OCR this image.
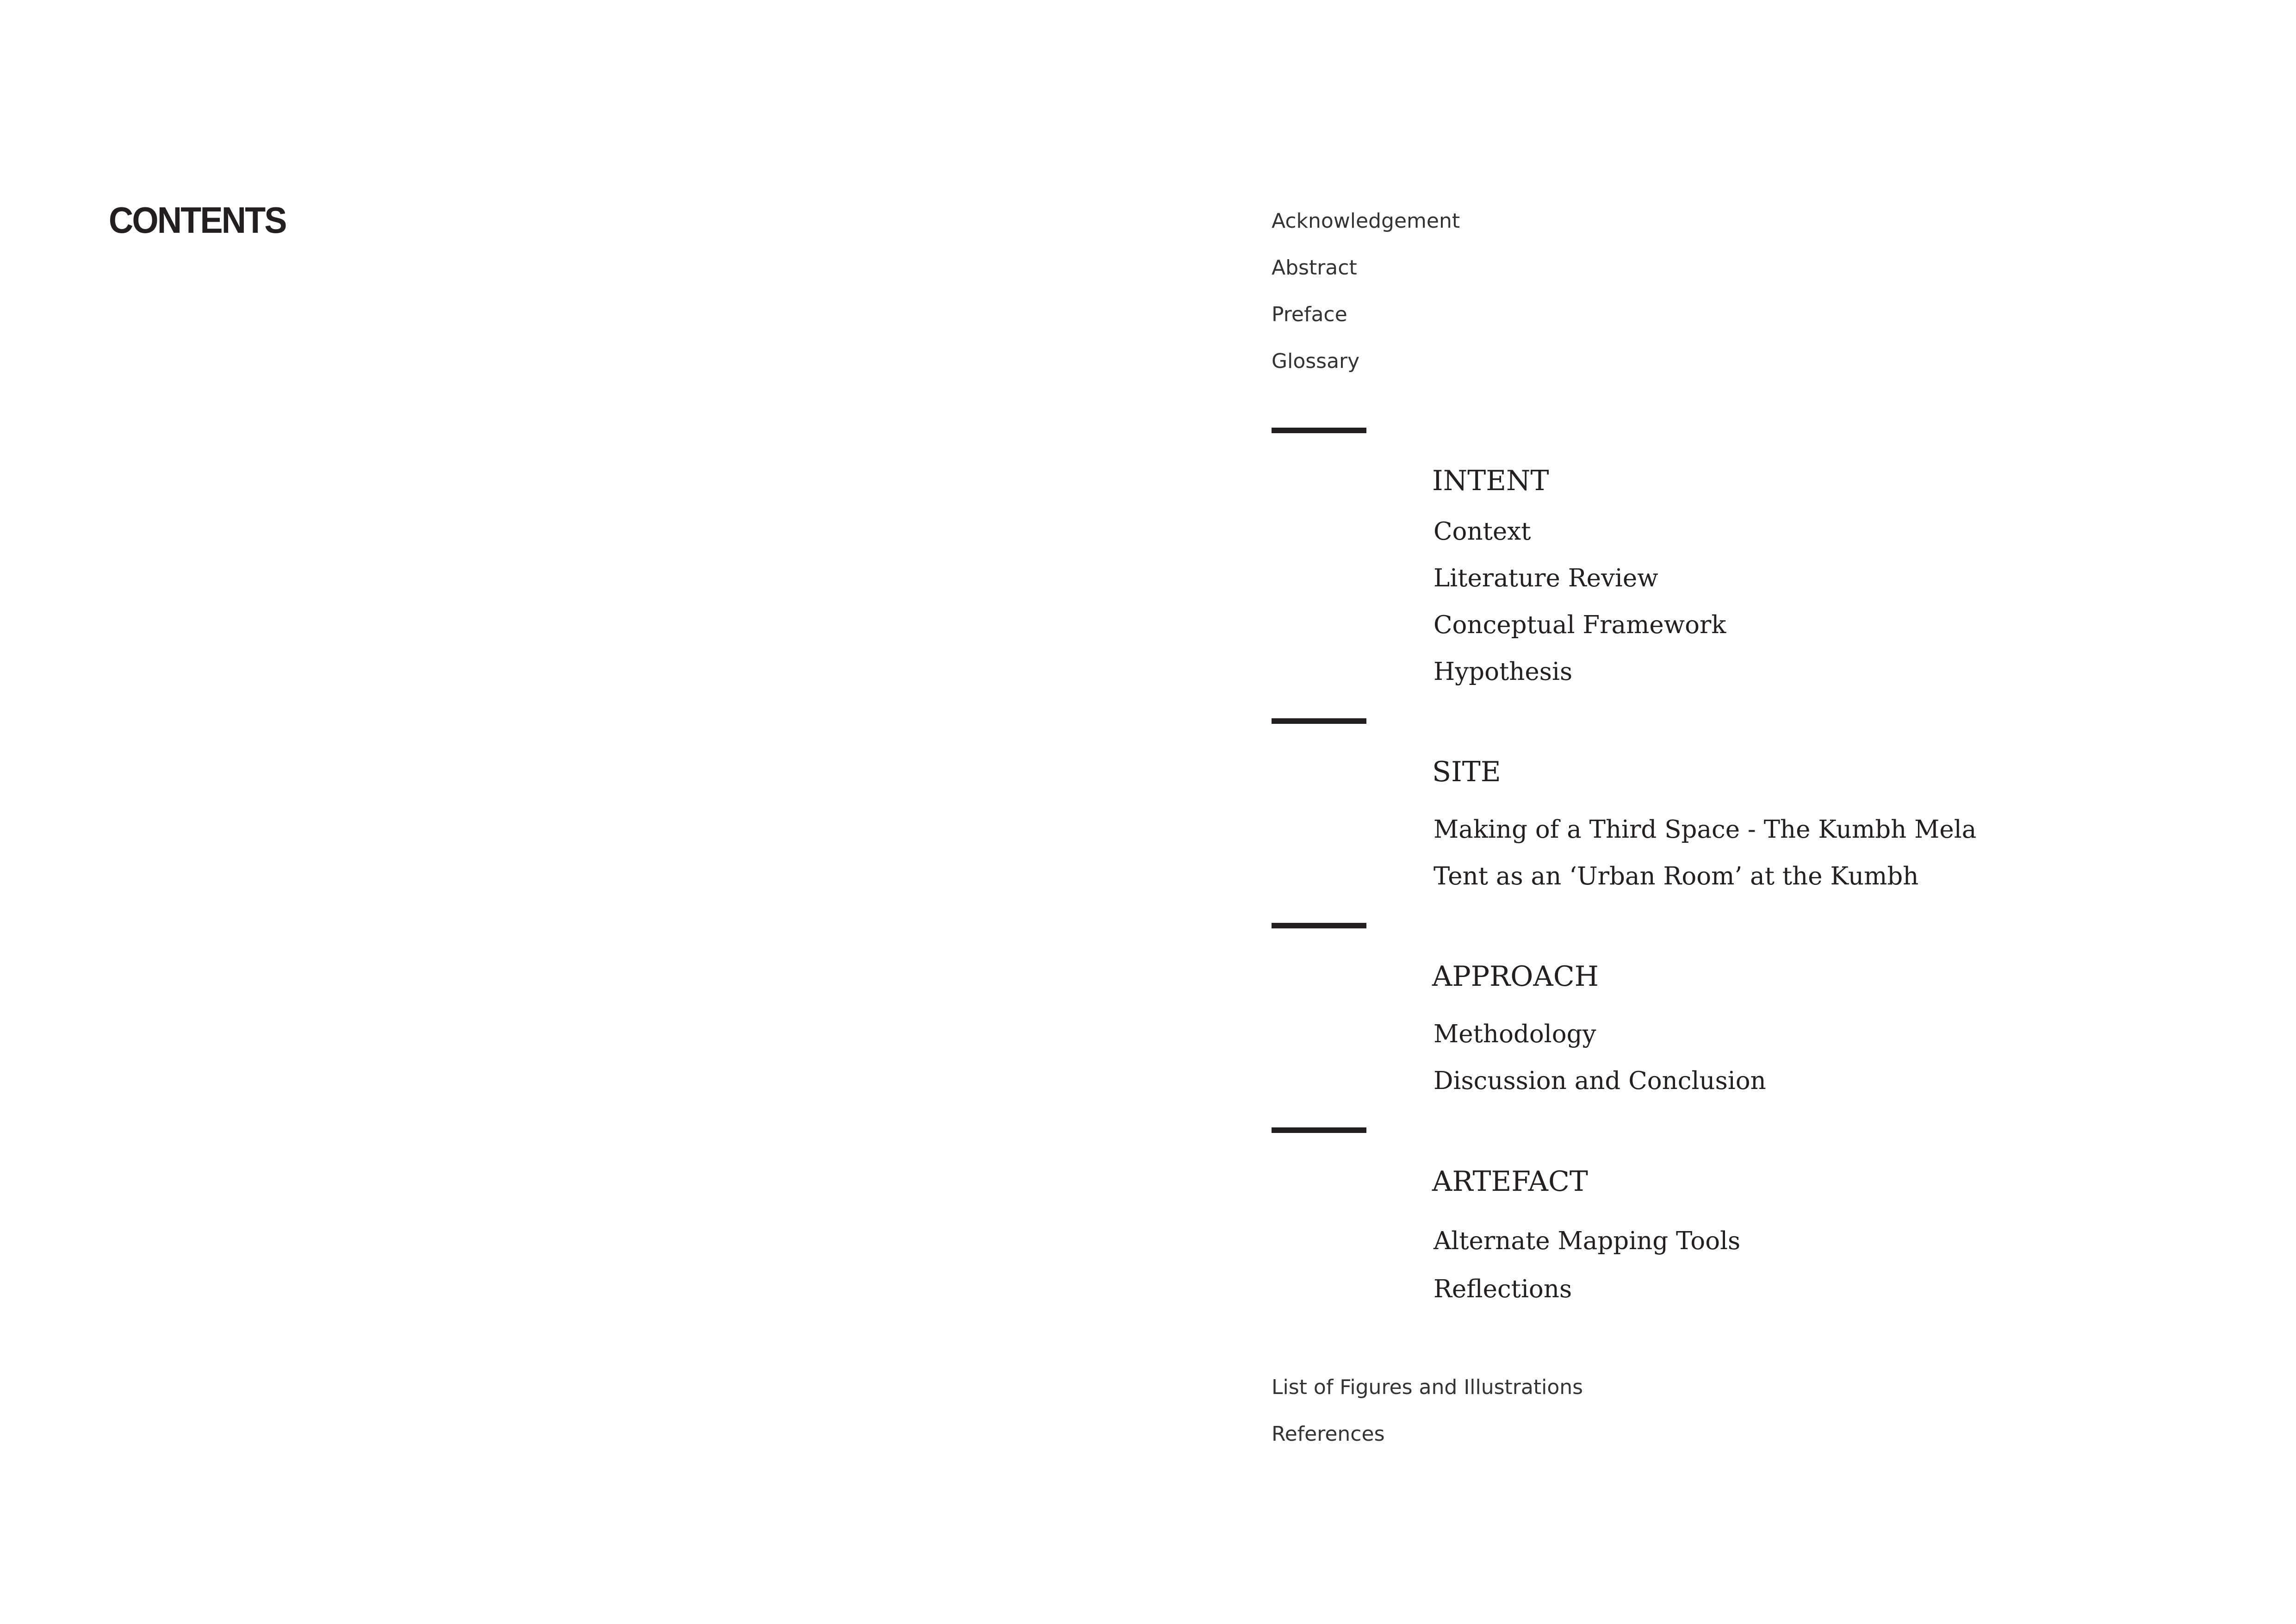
CONTENTS	Acknowledgement
Abstract
Preface
Glossary
INTENT
Context
Literature Review
Conceptual Framework
Hypothesis
SITE
Making of a Third Space - The Kumbh Mela
Tent as an ‘Urban Room’ at the Kumbh
APPROACH
Methodology
Discussion and Conclusion
ARTEFACT
Alternate Mapping Tools
Reflections
List of Figures and Illustrations
References
